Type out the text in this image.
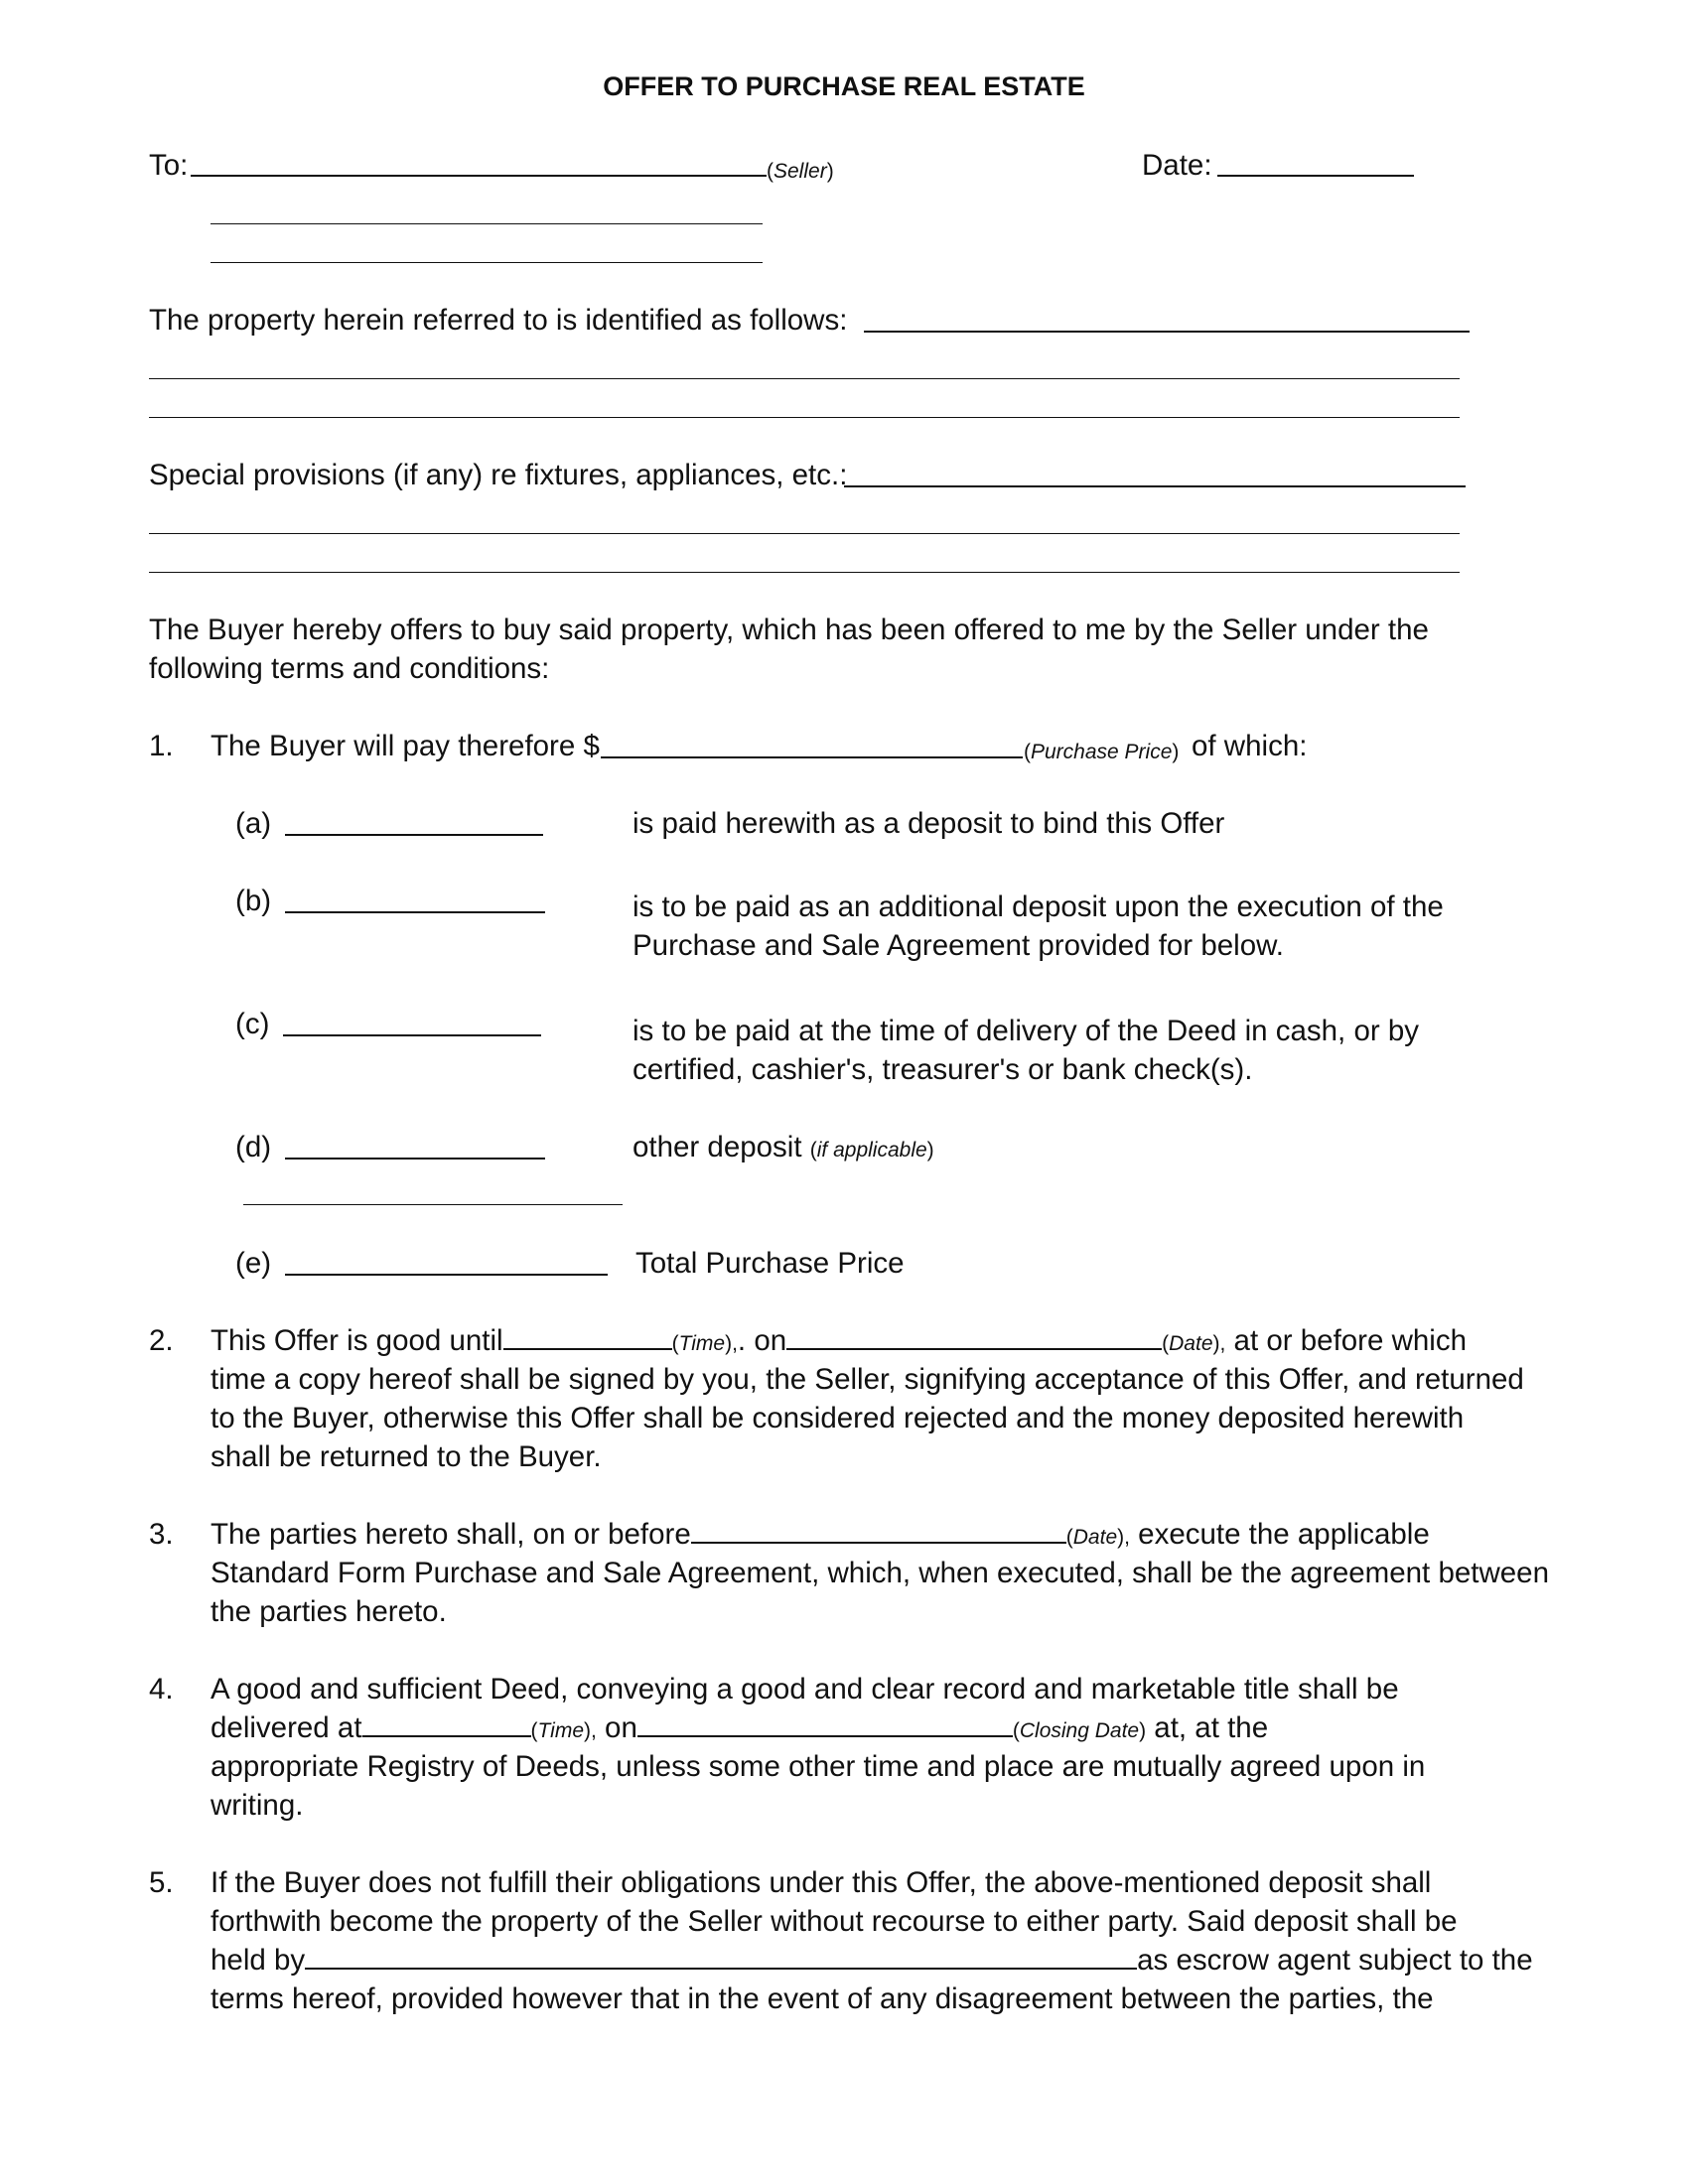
OFFER TO PURCHASE REAL ESTATE
To:	(Seller)	Date:
The property herein referred to is identified as follows:
Special provisions (if any) re fixtures, appliances, etc.:
The Buyer hereby offers to buy said property, which has been offered to me by the Seller under the
following terms and conditions:
1. The Buyer will pay therefore $	(Purchase Price) of which:
(a)	is paid herewith as a deposit to bind this Offer
(b)	is to be paid as an additional deposit upon the execution of the
Purchase and Sale Agreement provided for below.
(c)	is to be paid at the time of delivery of the Deed in cash, or by
certified, cashier's, treasurer's or bank check(s).
(d)	other deposit (if applicable)
(e)	Total Purchase Price
2. This Offer is good until	(Time),. on	(Date), at or before which
time a copy hereof shall be signed by you, the Seller, signifying acceptance of this Offer, and returned
to the Buyer, otherwise this Offer shall be considered rejected and the money deposited herewith
shall be returned to the Buyer.
3. The parties hereto shall, on or before	(Date), execute the applicable
Standard Form Purchase and Sale Agreement, which, when executed, shall be the agreement between
the parties hereto.
4. A good and sufficient Deed, conveying a good and clear record and marketable title shall be
delivered at	(Time), on	(Closing Date) at, at the
appropriate Registry of Deeds, unless some other time and place are mutually agreed upon in
writing.
5. If the Buyer does not fulfill their obligations under this Offer, the above-mentioned deposit shall
forthwith become the property of the Seller without recourse to either party. Said deposit shall be
held by	as escrow agent subject to the
terms hereof, provided however that in the event of any disagreement between the parties, the
